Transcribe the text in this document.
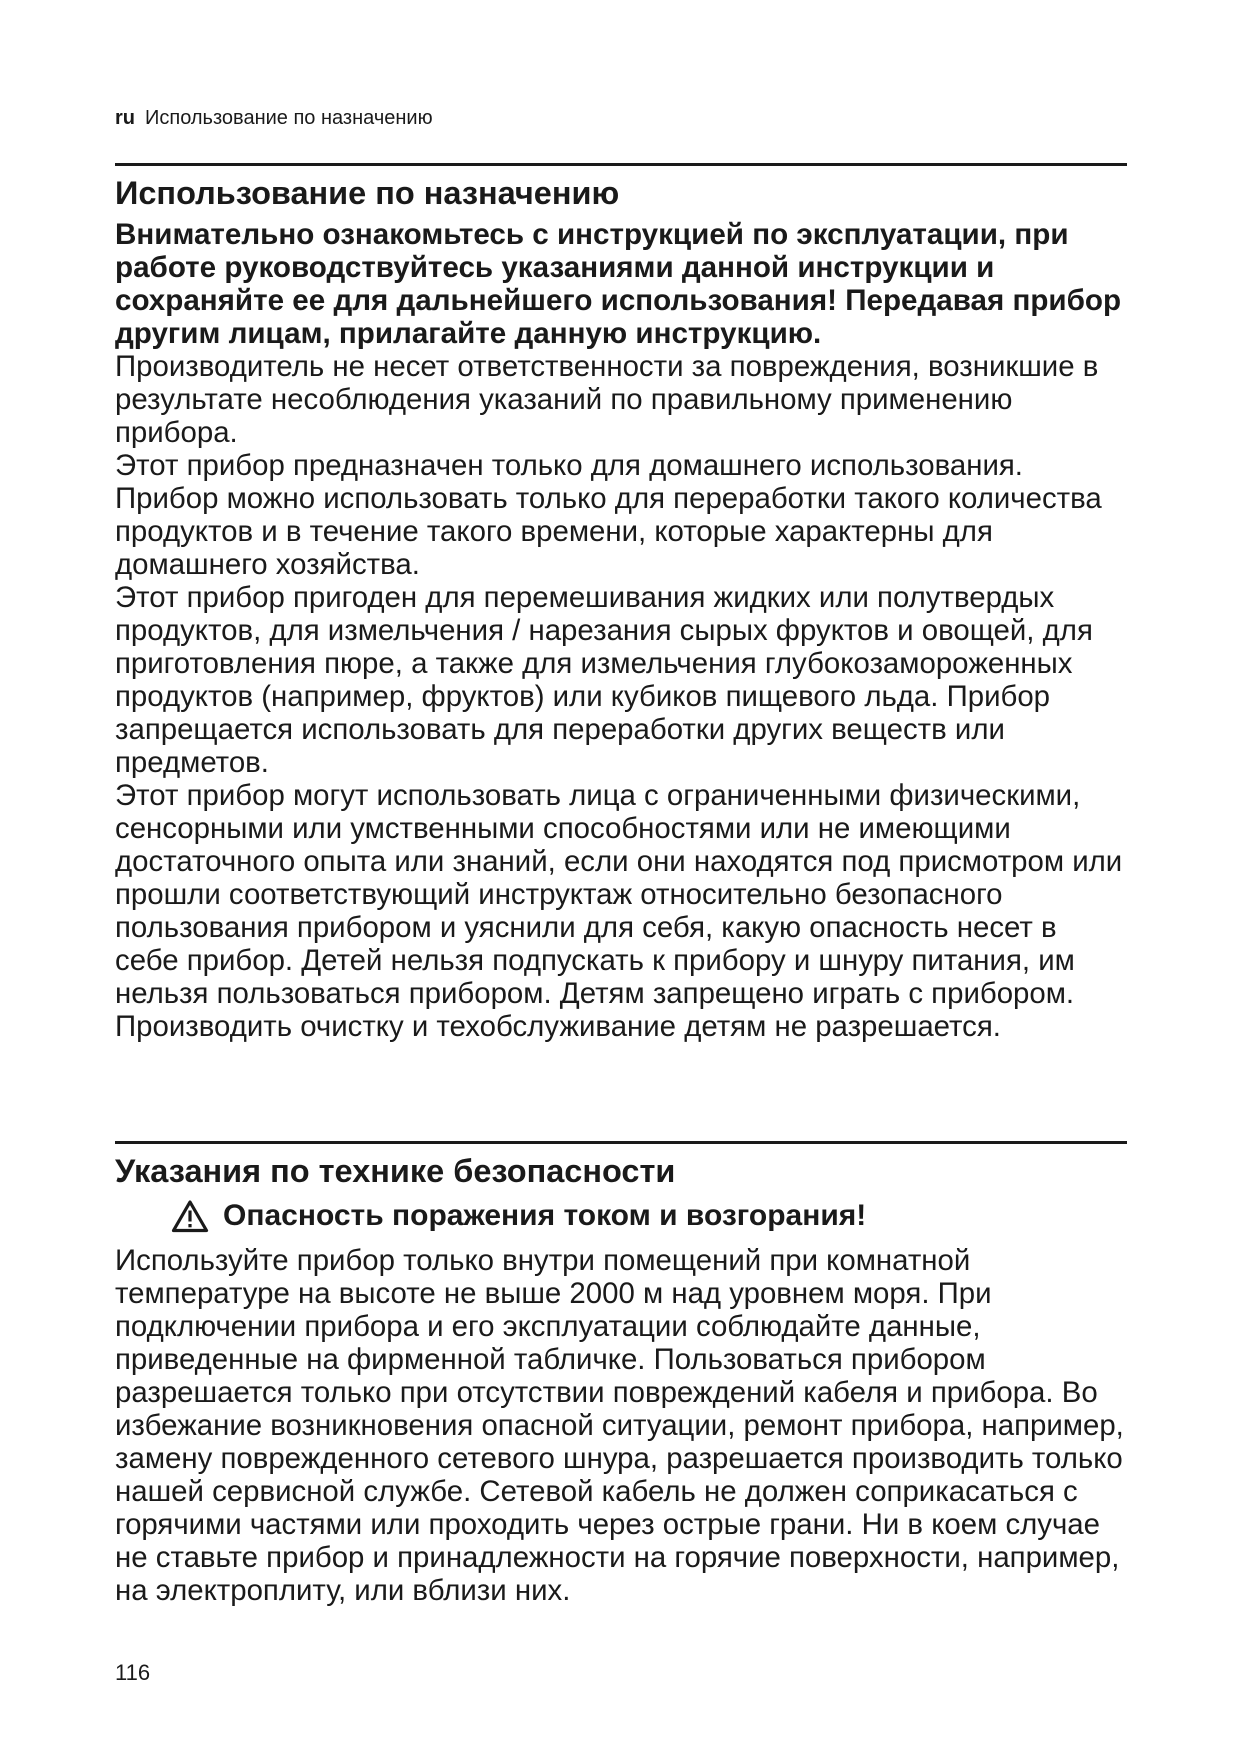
ru Использование по назначению
Использование по назначению

Внимательно ознакомьтесь с инструкцией по эксплуатации, при работе руководствуйтесь указаниями данной инструкции и сохраняйте ее для дальнейшего использования! Передавая прибор другим лицам, прилагайте данную инструкцию.

Производитель не несет ответственности за повреждения, возникшие в результате несоблюдения указаний по правильному применению прибора.

Этот прибор предназначен только для домашнего использования. Прибор можно использовать только для переработки такого количества продуктов и в течение такого времени, которые характерны для домашнего хозяйства.

Этот прибор пригоден для перемешивания жидких или полутвердых продуктов, для измельчения / нарезания сырых фруктов и овощей, для приготовления пюре, а также для измельчения глубокозамороженных продуктов (например, фруктов) или кубиков пищевого льда. Прибор запрещается использовать для переработки других веществ или предметов.

Этот прибор могут использовать лица с ограниченными физическими, сенсорными или умственными способностями или не имеющими достаточного опыта или знаний, если они находятся под присмотром или прошли соответствующий инструктаж относительно безопасного пользования прибором и уяснили для себя, какую опасность несет в себе прибор. Детей нельзя подпускать к прибору и шнуру питания, им нельзя пользоваться прибором. Детям запрещено играть с прибором. Производить очистку и техобслуживание детям не разрешается.

Указания по технике безопасности
Опасность поражения током и возгорания!

Используйте прибор только внутри помещений при комнатной температуре на высоте не выше 2000 м над уровнем моря. При подключении прибора и его эксплуатации соблюдайте данные, приведенные на фирменной табличке. Пользоваться прибором разрешается только при отсутствии повреждений кабеля и прибора. Во избежание возникновения опасной ситуации, ремонт прибора, например, замену поврежденного сетевого шнура, разрешается производить только нашей сервисной службе. Сетевой кабель не должен соприкасаться с горячими частями или проходить через острые грани. Ни в коем случае не ставьте прибор и принадлежности на горячие поверхности, например, на электроплиту, или вблизи них.

116
